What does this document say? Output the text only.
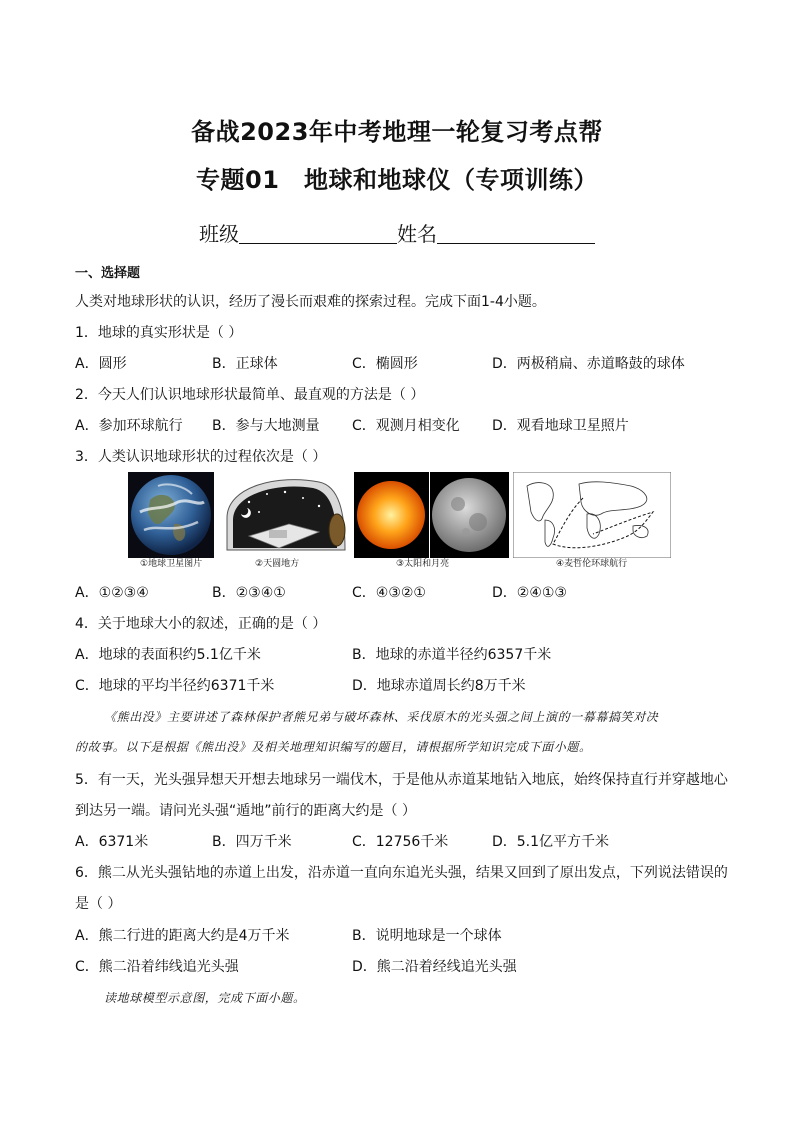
备战2023年中考地理一轮复习考点帮
专题01　地球和地球仪（专项训练）
班级	姓名
一、选择题
人类对地球形状的认识，经历了漫长而艰难的探索过程。完成下面1-4小题。
1．地球的真实形状是（ ）
A．圆形	B．正球体	C．椭圆形	D．两极稍扁、赤道略鼓的球体
2．今天人们认识地球形状最简单、最直观的方法是（ ）
A．参加环球航行 B．参与大地测量 C．观测月相变化 D．观看地球卫星照片
3．人类认识地球形状的过程依次是（ ）
①地球卫星图片	②天圆地方	③太阳和月亮	④麦哲伦环球航行
A．①②③④	B．②③④①	C．④③②①	D．②④①③
4．关于地球大小的叙述，正确的是（ ）
A．地球的表面积约5.1亿千米	B．地球的赤道半径约6357千米
C．地球的平均半径约6371千米	D．地球赤道周长约8万千米
《熊出没》主要讲述了森林保护者熊兄弟与破坏森林、采伐原木的光头强之间上演的一幕幕搞笑对决
的故事。以下是根据《熊出没》及相关地理知识编写的题目，请根据所学知识完成下面小题。
5．有一天，光头强异想天开想去地球另一端伐木，于是他从赤道某地钻入地底，始终保持直行并穿越地心
到达另一端。请问光头强“遁地”前行的距离大约是（ ）
A．6371米	B．四万千米	C．12756千米	D．5.1亿平方千米
6．熊二从光头强钻地的赤道上出发，沿赤道一直向东追光头强，结果又回到了原出发点，下列说法错误的
是（ ）
A．熊二行进的距离大约是4万千米	B．说明地球是一个球体
C．熊二沿着纬线追光头强	D．熊二沿着经线追光头强
读地球模型示意图，完成下面小题。
